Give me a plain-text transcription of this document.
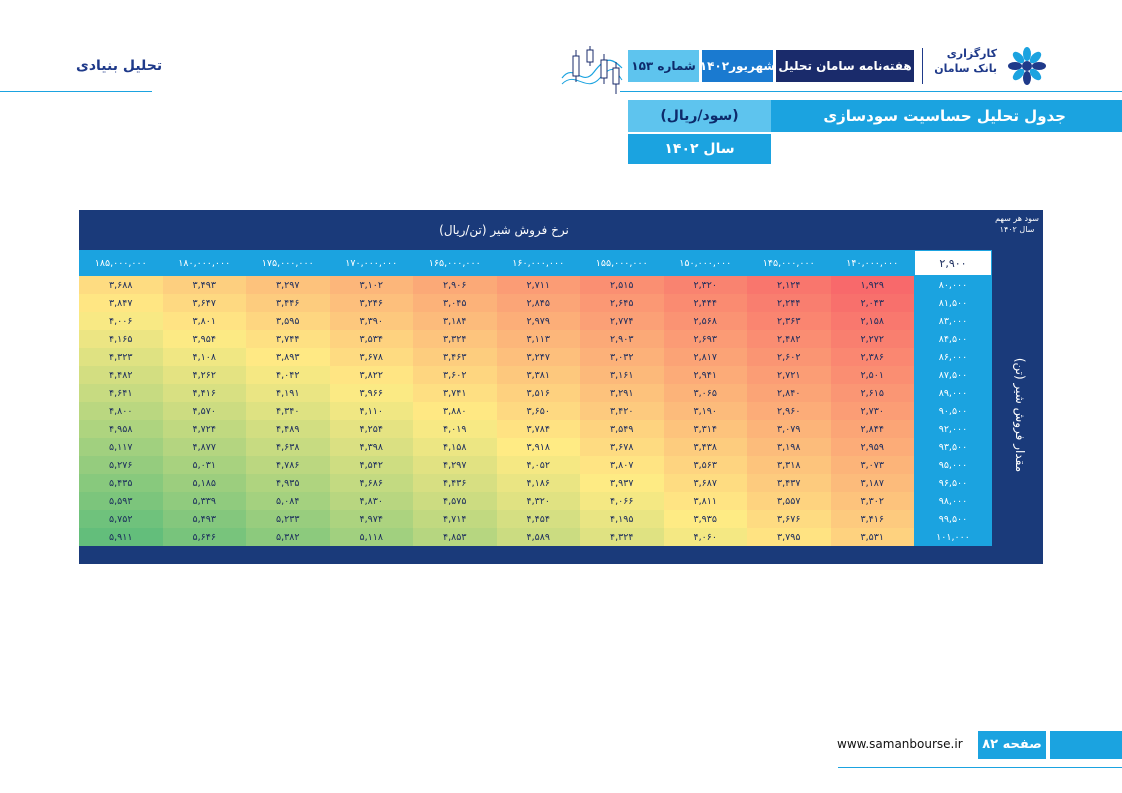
تحلیل بنیادی
کارگزاری
بانک سامان
هفته‌نامه سامان تحلیل
شهریور۱۴۰۲
شماره ۱۵۳
جدول تحلیل حساسیت سودسازی
(سود/ریال)
سال ۱۴۰۲
نرخ فروش شیر (تن/ریال)
سود هر سهم
سال ۱۴۰۲
مقدار فروش شیر (تن)
۱۸۵,۰۰۰,۰۰۰	۱۸۰,۰۰۰,۰۰۰	۱۷۵,۰۰۰,۰۰۰	۱۷۰,۰۰۰,۰۰۰	۱۶۵,۰۰۰,۰۰۰	۱۶۰,۰۰۰,۰۰۰	۱۵۵,۰۰۰,۰۰۰	۱۵۰,۰۰۰,۰۰۰	۱۴۵,۰۰۰,۰۰۰	۱۴۰,۰۰۰,۰۰۰	۲,۹۰۰
۳,۶۸۸	۳,۴۹۳	۳,۲۹۷	۳,۱۰۲	۲,۹۰۶	۲,۷۱۱	۲,۵۱۵	۲,۳۲۰	۲,۱۲۴	۱,۹۲۹	۸۰,۰۰۰
۳,۸۴۷	۳,۶۴۷	۳,۴۴۶	۳,۲۴۶	۳,۰۴۵	۲,۸۴۵	۲,۶۴۵	۲,۴۴۴	۲,۲۴۴	۲,۰۴۳	۸۱,۵۰۰
۴,۰۰۶	۳,۸۰۱	۳,۵۹۵	۳,۳۹۰	۳,۱۸۴	۲,۹۷۹	۲,۷۷۴	۲,۵۶۸	۲,۳۶۳	۲,۱۵۸	۸۳,۰۰۰
۴,۱۶۵	۳,۹۵۴	۳,۷۴۴	۳,۵۳۴	۳,۳۲۴	۳,۱۱۳	۲,۹۰۳	۲,۶۹۳	۲,۴۸۲	۲,۲۷۲	۸۴,۵۰۰
۴,۳۲۳	۴,۱۰۸	۳,۸۹۳	۳,۶۷۸	۳,۴۶۳	۳,۲۴۷	۳,۰۳۲	۲,۸۱۷	۲,۶۰۲	۲,۳۸۶	۸۶,۰۰۰
۴,۴۸۲	۴,۲۶۲	۴,۰۴۲	۳,۸۲۲	۳,۶۰۲	۳,۳۸۱	۳,۱۶۱	۲,۹۴۱	۲,۷۲۱	۲,۵۰۱	۸۷,۵۰۰
۴,۶۴۱	۴,۴۱۶	۴,۱۹۱	۳,۹۶۶	۳,۷۴۱	۳,۵۱۶	۳,۲۹۱	۳,۰۶۵	۲,۸۴۰	۲,۶۱۵	۸۹,۰۰۰
۴,۸۰۰	۴,۵۷۰	۴,۳۴۰	۴,۱۱۰	۳,۸۸۰	۳,۶۵۰	۳,۴۲۰	۳,۱۹۰	۲,۹۶۰	۲,۷۳۰	۹۰,۵۰۰
۴,۹۵۸	۴,۷۲۴	۴,۴۸۹	۴,۲۵۴	۴,۰۱۹	۳,۷۸۴	۳,۵۴۹	۳,۳۱۴	۳,۰۷۹	۲,۸۴۴	۹۲,۰۰۰
۵,۱۱۷	۴,۸۷۷	۴,۶۳۸	۴,۳۹۸	۴,۱۵۸	۳,۹۱۸	۳,۶۷۸	۳,۴۳۸	۳,۱۹۸	۲,۹۵۹	۹۳,۵۰۰
۵,۲۷۶	۵,۰۳۱	۴,۷۸۶	۴,۵۴۲	۴,۲۹۷	۴,۰۵۲	۳,۸۰۷	۳,۵۶۳	۳,۳۱۸	۳,۰۷۳	۹۵,۰۰۰
۵,۴۳۵	۵,۱۸۵	۴,۹۳۵	۴,۶۸۶	۴,۴۳۶	۴,۱۸۶	۳,۹۳۷	۳,۶۸۷	۳,۴۳۷	۳,۱۸۷	۹۶,۵۰۰
۵,۵۹۳	۵,۳۳۹	۵,۰۸۴	۴,۸۳۰	۴,۵۷۵	۴,۳۲۰	۴,۰۶۶	۳,۸۱۱	۳,۵۵۷	۳,۳۰۲	۹۸,۰۰۰
۵,۷۵۲	۵,۴۹۳	۵,۲۳۳	۴,۹۷۴	۴,۷۱۴	۴,۴۵۴	۴,۱۹۵	۳,۹۳۵	۳,۶۷۶	۳,۴۱۶	۹۹,۵۰۰
۵,۹۱۱	۵,۶۴۶	۵,۳۸۲	۵,۱۱۸	۴,۸۵۳	۴,۵۸۹	۴,۳۲۴	۴,۰۶۰	۳,۷۹۵	۳,۵۳۱	۱۰۱,۰۰۰
www.samanbourse.ir	صفحه ۸۲
